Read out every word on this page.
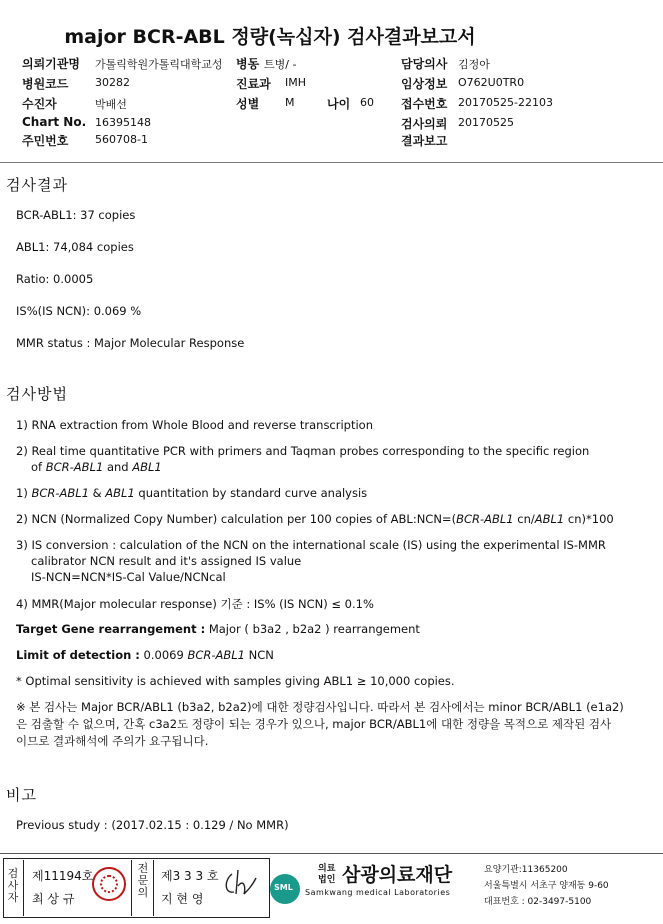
major BCR-ABL 정량(녹십자) 검사결과보고서
의뢰기관명 가톨릭학원가톨릭대학교성 병동 트병/ -	담당의사 김정아
병원코드 30282	진료과 IMH	임상정보 O762U0TR0
수진자	박배선	성별 M	나이 60 접수번호 20170525-22103
Chart No. 16395148	검사의뢰 20170525
주민번호 560708-1	결과보고
검사결과
BCR-ABL1: 37 copies
ABL1: 74,084 copies
Ratio: 0.0005
IS%(IS NCN): 0.069 %
MMR status : Major Molecular Response
검사방법
1) RNA extraction from Whole Blood and reverse transcription
2) Real time quantitative PCR with primers and Taqman probes corresponding to the specific region
of BCR-ABL1 and ABL1
1) BCR-ABL1 & ABL1 quantitation by standard curve analysis
2) NCN (Normalized Copy Number) calculation per 100 copies of ABL:NCN=(BCR-ABL1 cn/ABL1 cn)*100
3) IS conversion : calculation of the NCN on the international scale (IS) using the experimental IS-MMR
calibrator NCN result and it's assigned IS value
IS-NCN=NCN*IS-Cal Value/NCNcal
4) MMR(Major molecular response) 기준 : IS% (IS NCN) ≤ 0.1%
Target Gene rearrangement : Major ( b3a2 , b2a2 ) rearrangement
Limit of detection : 0.0069 BCR-ABL1 NCN
* Optimal sensitivity is achieved with samples giving ABL1 ≥ 10,000 copies.
※ 본 검사는 Major BCR/ABL1 (b3a2, b2a2)에 대한 정량검사입니다. 따라서 본 검사에서는 minor BCR/ABL1 (e1a2)
은 검출할 수 없으며, 간혹 c3a2도 정량이 되는 경우가 있으나, major BCR/ABL1에 대한 정량을 목적으로 제작된 검사
이므로 결과해석에 주의가 요구됩니다.
비고
Previous study : (2017.02.15 : 0.129 / No MMR)
검사자
제11194호
최 상 규
전문의
제3 3 3 호
지 현 영
SML
의료
법인 삼광의료재단
Samkwang medical Laboratories
요양기관:11365200
서울특별시 서초구 양재동 9-60
대표번호 : 02-3497-5100
